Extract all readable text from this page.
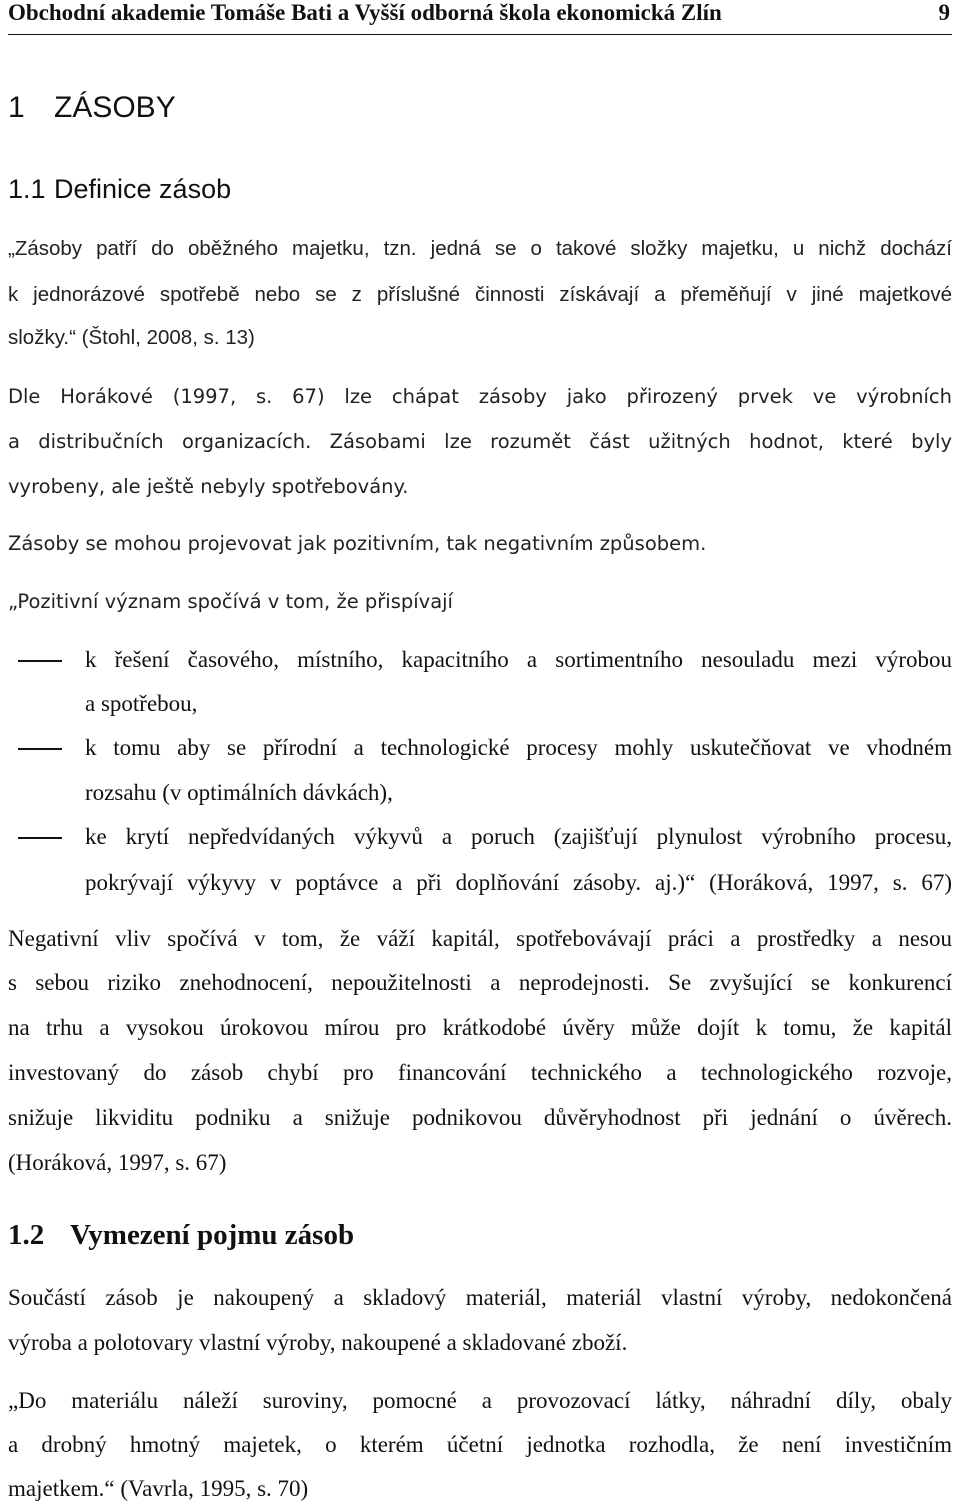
Obchodní akademie Tomáše Bati a Vyšší odborná škola ekonomická Zlín	9
1 ZÁSOBY
1.1 Definice zásob
„Zásoby patří do oběžného majetku, tzn. jedná se o takové složky majetku, u nichž dochází
k jednorázové spotřebě nebo se z příslušné činnosti získávají a přeměňují v jiné majetkové
složky.“ (Štohl, 2008, s. 13)
Dle Horákové (1997, s. 67) lze chápat zásoby jako přirozený prvek ve výrobních
a distribučních organizacích. Zásobami lze rozumět část užitných hodnot, které byly
vyrobeny, ale ještě nebyly spotřebovány.
Zásoby se mohou projevovat jak pozitivním, tak negativním způsobem.
„Pozitivní význam spočívá v tom, že přispívají
k řešení časového, místního, kapacitního a sortimentního nesouladu mezi výrobou
a spotřebou,
k tomu aby se přírodní a technologické procesy mohly uskutečňovat ve vhodném
rozsahu (v optimálních dávkách),
ke krytí nepředvídaných výkyvů a poruch (zajišťují plynulost výrobního procesu,
pokrývají výkyvy v poptávce a při doplňování zásoby. aj.)“ (Horáková, 1997, s. 67)
Negativní vliv spočívá v tom, že váží kapitál, spotřebovávají práci a prostředky a nesou
s sebou riziko znehodnocení, nepoužitelnosti a neprodejnosti. Se zvyšující se konkurencí
na trhu a vysokou úrokovou mírou pro krátkodobé úvěry může dojít k tomu, že kapitál
investovaný do zásob chybí pro financování technického a technologického rozvoje,
snižuje likviditu podniku a snižuje podnikovou důvěryhodnost při jednání o úvěrech.
(Horáková, 1997, s. 67)
1.2 Vymezení pojmu zásob
Součástí zásob je nakoupený a skladový materiál, materiál vlastní výroby, nedokončená
výroba a polotovary vlastní výroby, nakoupené a skladované zboží.
„Do materiálu náleží suroviny, pomocné a provozovací látky, náhradní díly, obaly
a drobný hmotný majetek, o kterém účetní jednotka rozhodla, že není investičním
majetkem.“ (Vavrla, 1995, s. 70)
